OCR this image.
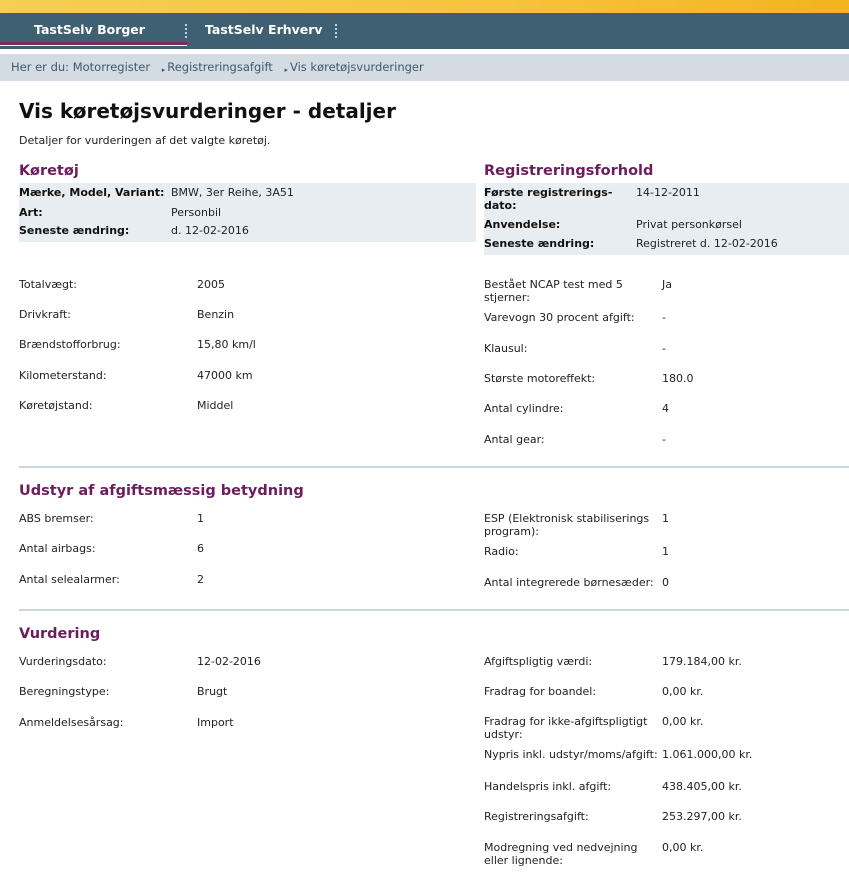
TastSelv Borger	TastSelv Erhverv
Her er du: Motorregister ▸ Registreringsafgift ▸ Vis køretøjsvurderinger
Vis køretøjsvurderinger - detaljer
Detaljer for vurderingen af det valgte køretøj.
Køretøj
Mærke, Model, Variant: BMW, 3er Reihe, 3A51
Art:	Personbil
Seneste ændring:	d. 12-02-2016
Registreringsforhold
Første registrerings-dato:
14-12-2011
Anvendelse:	Privat personkørsel
Seneste ændring:	Registreret d. 12-02-2016
Totalvægt:	2005
Drivkraft:	Benzin
Brændstofforbrug:	15,80 km/l
Kilometerstand:	47000 km
Køretøjstand:	Middel
Bestået NCAP test med 5 stjerner:
Ja
Varevogn 30 procent afgift: -
Klausul:	-
Største motoreffekt:	180.0
Antal cylindre:	4
Antal gear:	-
Udstyr af afgiftsmæssig betydning
ABS bremser:	1
Antal airbags:	6
Antal selealarmer:	2
ESP (Elektronisk stabiliserings program):
1
Radio:	1
Antal integrerede børnesæder: 0
Vurdering
Vurderingsdato:	12-02-2016
Beregningstype:	Brugt
Anmeldelsesårsag:	Import
Afgiftspligtig værdi:	179.184,00 kr.
Fradrag for boandel:	0,00 kr.
Fradrag for ikke-afgiftspligtigt udstyr:
0,00 kr.
Nypris inkl. udstyr/moms/afgift: 1.061.000,00 kr.
Handelspris inkl. afgift:	438.405,00 kr.
Registreringsafgift:	253.297,00 kr.
Modregning ved nedvejning eller lignende:
0,00 kr.
